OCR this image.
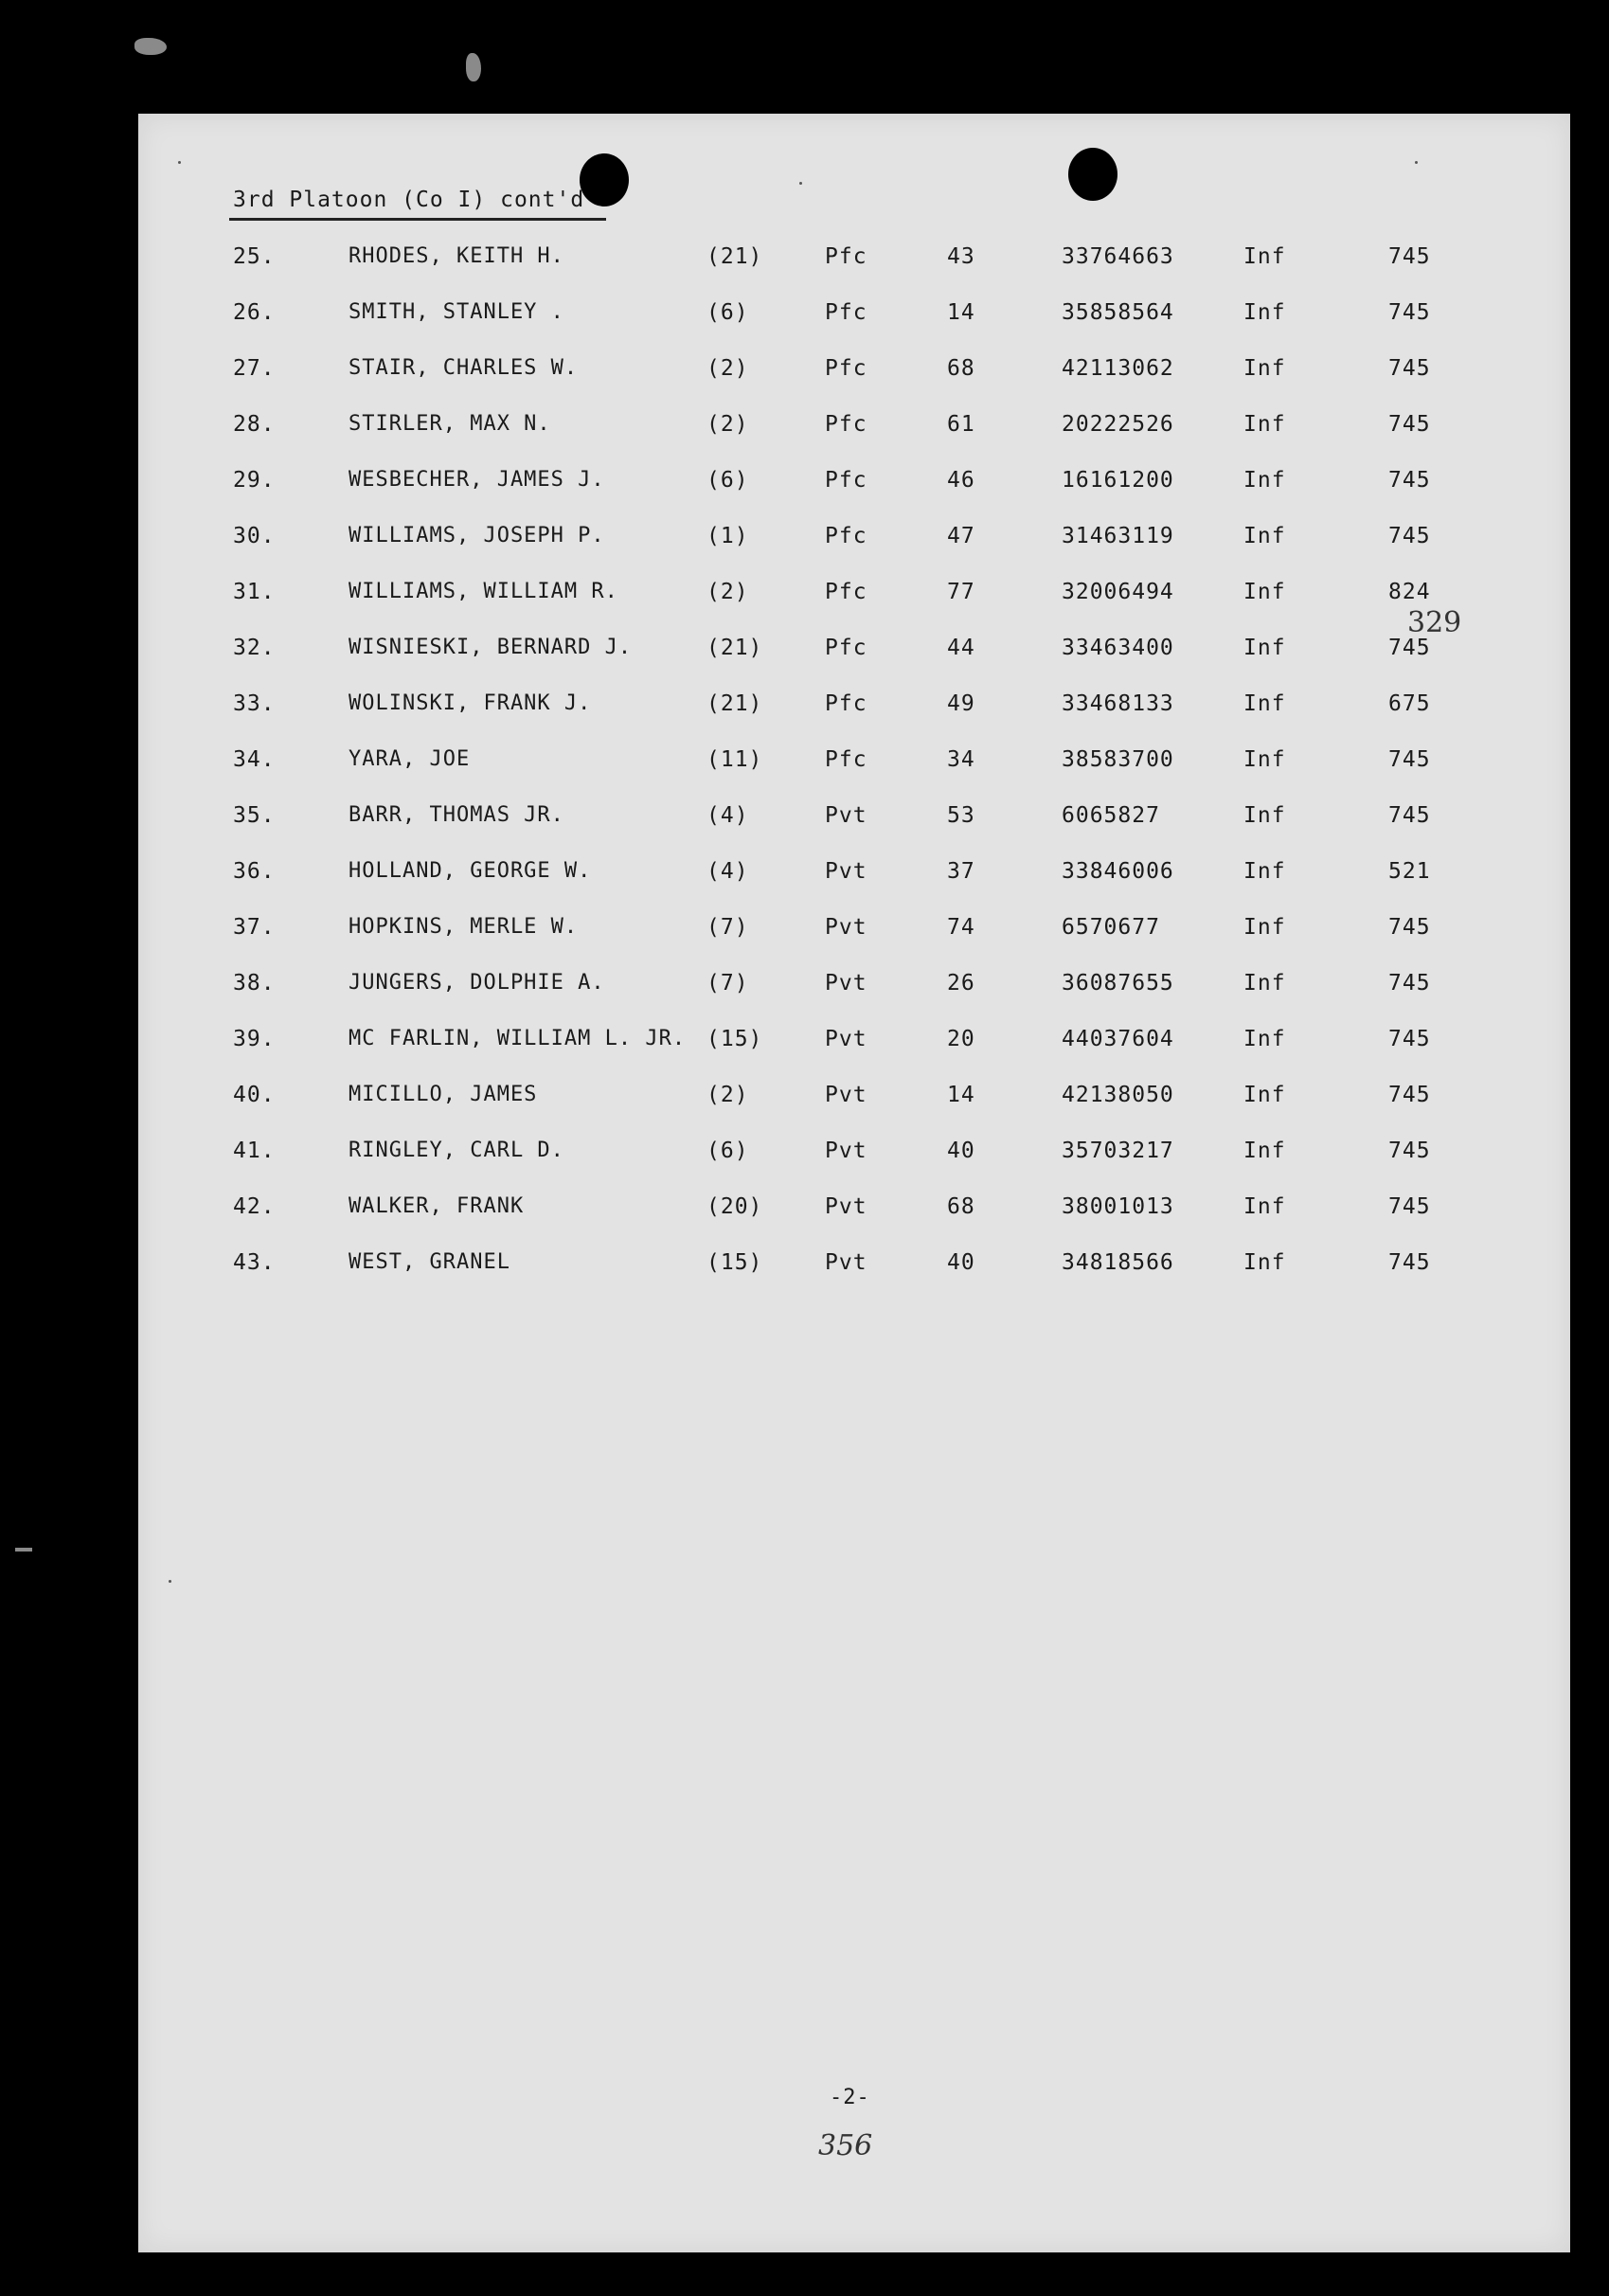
3rd Platoon (Co I) cont'd
25.	RHODES, KEITH H.	(21)	Pfc	43	33764663	Inf	745
26.	SMITH, STANLEY .	(6)	Pfc	14	35858564	Inf	745
27.	STAIR, CHARLES W.	(2)	Pfc	68	42113062	Inf	745
28.	STIRLER, MAX N.	(2)	Pfc	61	20222526	Inf	745
29.	WESBECHER, JAMES J.	(6)	Pfc	46	16161200	Inf	745
30.	WILLIAMS, JOSEPH P.	(1)	Pfc	47	31463119	Inf	745
31.	WILLIAMS, WILLIAM R.	(2)	Pfc	77	32006494	Inf	824
32.	WISNIESKI, BERNARD J.	(21)	Pfc	44	33463400	Inf	745
33.	WOLINSKI, FRANK J.	(21)	Pfc	49	33468133	Inf	675
34.	YARA, JOE	(11)	Pfc	34	38583700	Inf	745
35.	BARR, THOMAS JR.	(4)	Pvt	53	6065827	Inf	745
36.	HOLLAND, GEORGE W.	(4)	Pvt	37	33846006	Inf	521
37.	HOPKINS, MERLE W.	(7)	Pvt	74	6570677	Inf	745
38.	JUNGERS, DOLPHIE A.	(7)	Pvt	26	36087655	Inf	745
39.	MC FARLIN, WILLIAM L. JR. (15)	Pvt	20	44037604	Inf	745
40.	MICILLO, JAMES	(2)	Pvt	14	42138050	Inf	745
41.	RINGLEY, CARL D.	(6)	Pvt	40	35703217	Inf	745
42.	WALKER, FRANK	(20)	Pvt	68	38001013	Inf	745
43.	WEST, GRANEL	(15)	Pvt	40	34818566	Inf	745
329
-2-
356
